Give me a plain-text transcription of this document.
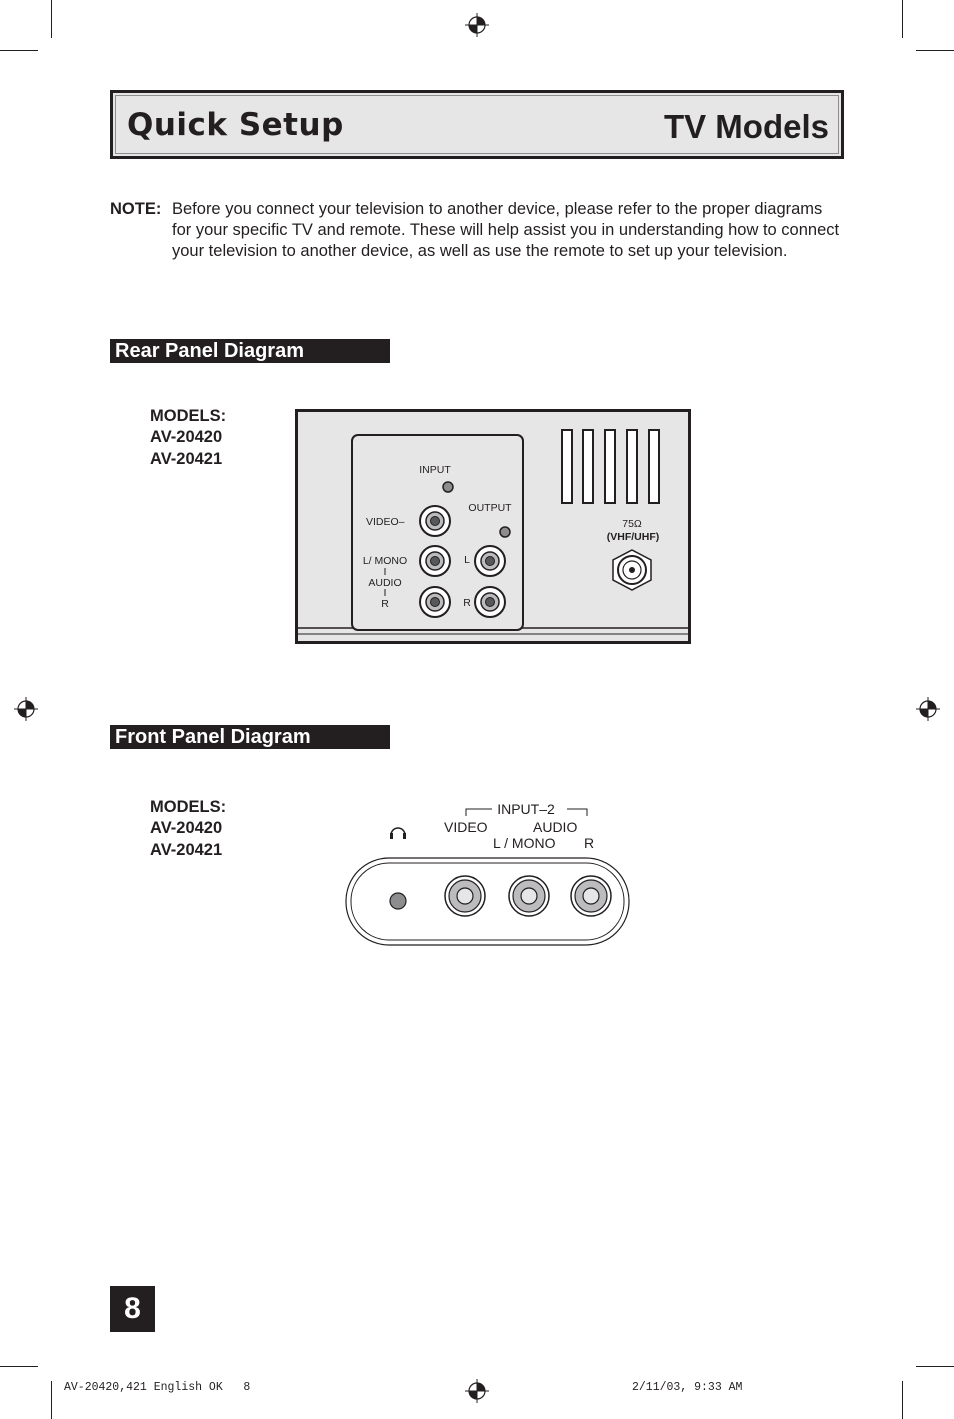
Quick Setup	TV Models
NOTE: Before you connect your television to another device, please refer to the proper diagrams for your specific TV and remote. These will help assist you in understanding how to connect your television to another device, as well as use the remote to set up your television.
Rear Panel Diagram
MODELS:
AV-20420
AV-20421
INPUT
OUTPUT
VIDEO–
L/ MONO
AUDIO
R
L
R
75Ω
(VHF/UHF)
Front Panel Diagram
MODELS:
AV-20420
AV-20421
INPUT–2
VIDEO	AUDIO
L / MONO R
8
AV-20420,421 English OK   8	2/11/03, 9:33 AM
